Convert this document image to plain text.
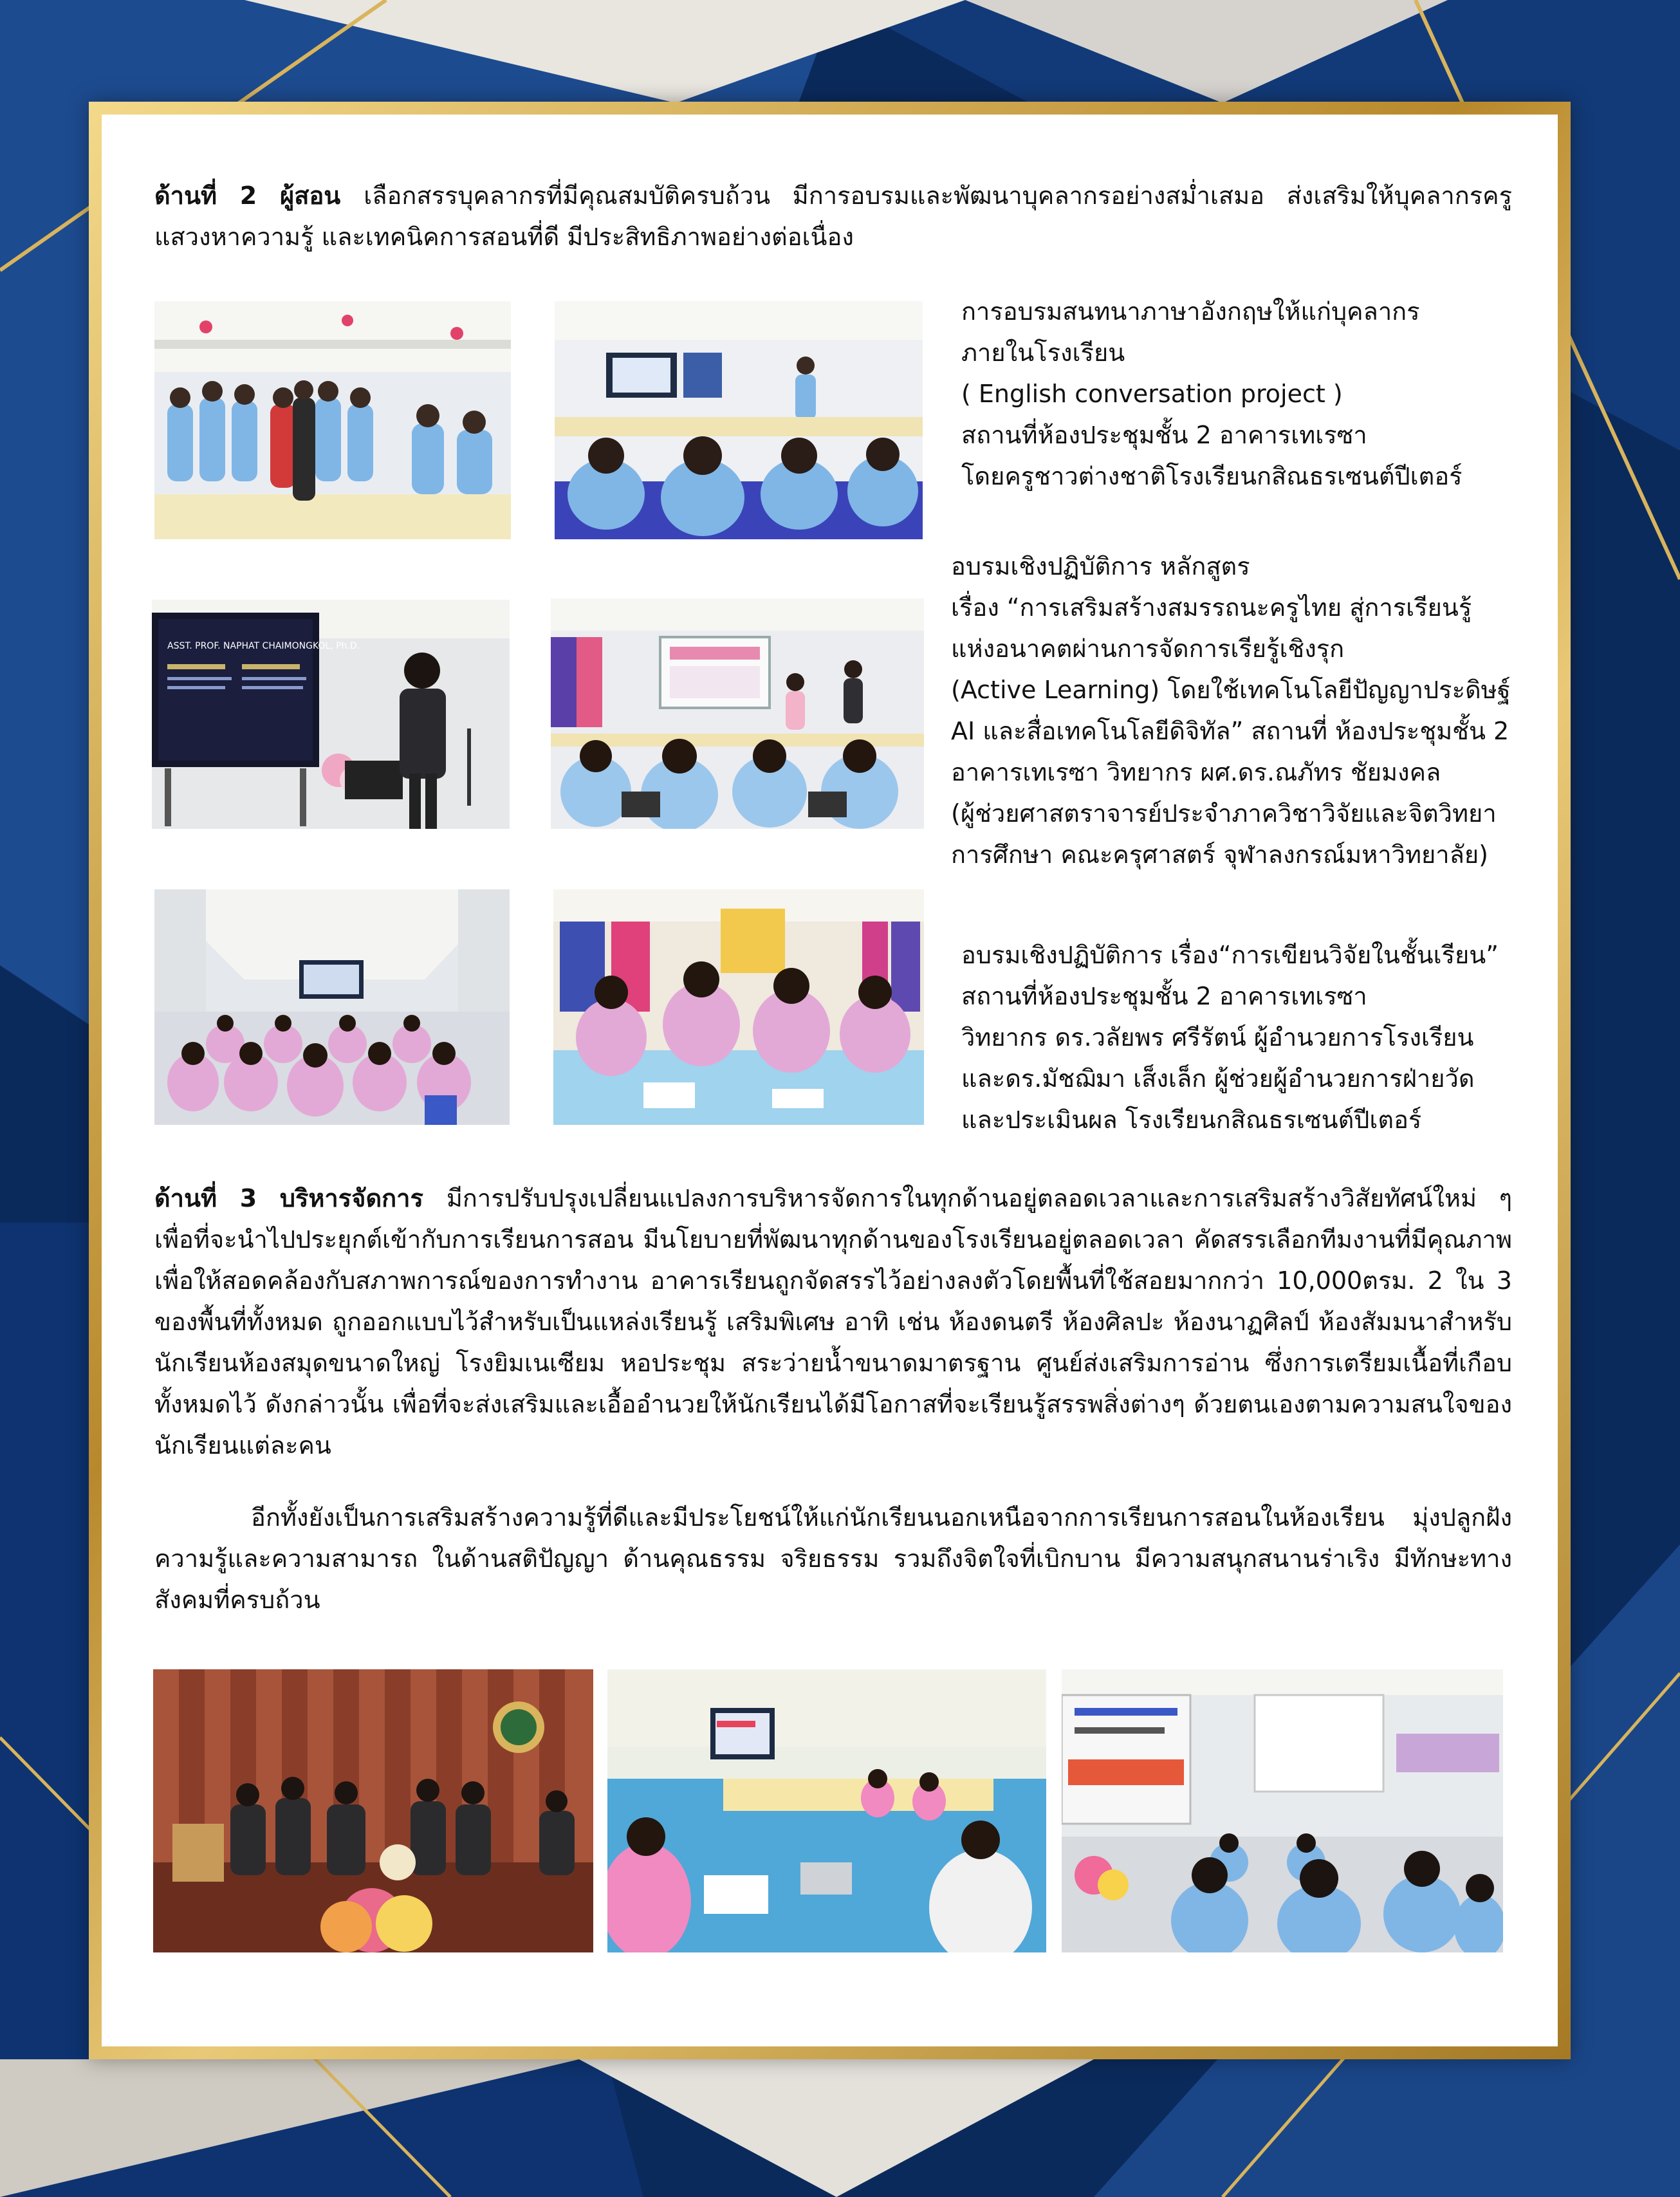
ด้านที่ 2 ผู้สอน เลือกสรรบุคลากรที่มีคุณสมบัติครบถ้วน มีการอบรมและพัฒนาบุคลากรอย่างสม่ำเสมอ ส่งเสริมให้บุคลากรครูแสวงหาความรู้ และเทคนิคการสอนที่ดี มีประสิทธิภาพอย่างต่อเนื่อง
การอบรมสนทนาภาษาอังกฤษให้แก่บุคลากร
ภายในโรงเรียน
( English conversation project )
สถานที่ห้องประชุมชั้น 2 อาคารเทเรซา
โดยครูชาวต่างชาติโรงเรียนกสิณธรเซนต์ปีเตอร์
ASST. PROF. NAPHAT CHAIMONGKOL, Ph.D.
อบรมเชิงปฏิบัติการ หลักสูตร
เรื่อง “การเสริมสร้างสมรรถนะครูไทย สู่การเรียนรู้
แห่งอนาคตผ่านการจัดการเรียรู้เชิงรุก
(Active Learning) โดยใช้เทคโนโลยีปัญญาประดิษฐ์
AI และสื่อเทคโนโลยีดิจิทัล” สถานที่ ห้องประชุมชั้น 2
อาคารเทเรซา วิทยากร ผศ.ดร.ณภัทร ชัยมงคล
(ผู้ช่วยศาสตราจารย์ประจำภาควิชาวิจัยและจิตวิทยา
การศึกษา คณะครุศาสตร์ จุฬาลงกรณ์มหาวิทยาลัย)
อบรมเชิงปฏิบัติการ เรื่อง“การเขียนวิจัยในชั้นเรียน”
สถานที่ห้องประชุมชั้น 2 อาคารเทเรซา
วิทยากร ดร.วลัยพร ศรีรัตน์ ผู้อำนวยการโรงเรียน
และดร.มัชฌิมา เส็งเล็ก ผู้ช่วยผู้อำนวยการฝ่ายวัด
และประเมินผล โรงเรียนกสิณธรเซนต์ปีเตอร์
ด้านที่ 3 บริหารจัดการ มีการปรับปรุงเปลี่ยนแปลงการบริหารจัดการในทุกด้านอยู่ตลอดเวลาและการเสริมสร้างวิสัยทัศน์ใหม่ ๆ เพื่อที่จะนำไปประยุกต์เข้ากับการเรียนการสอน มีนโยบายที่พัฒนาทุกด้านของโรงเรียนอยู่ตลอดเวลา คัดสรรเลือกทีมงานที่มีคุณภาพเพื่อให้สอดคล้องกับสภาพการณ์ของการทำงาน อาคารเรียนถูกจัดสรรไว้อย่างลงตัวโดยพื้นที่ใช้สอยมากกว่า 10,000ตรม. 2 ใน 3 ของพื้นที่ทั้งหมด ถูกออกแบบไว้สำหรับเป็นแหล่งเรียนรู้ เสริมพิเศษ อาทิ เช่น ห้องดนตรี ห้องศิลปะ ห้องนาฏศิลป์ ห้องสัมมนาสำหรับนักเรียนห้องสมุดขนาดใหญ่ โรงยิมเนเซียม หอประชุม สระว่ายน้ำขนาดมาตรฐาน ศูนย์ส่งเสริมการอ่าน ซึ่งการเตรียมเนื้อที่เกือบทั้งหมดไว้ ดังกล่าวนั้น เพื่อที่จะส่งเสริมและเอื้ออำนวยให้นักเรียนได้มีโอกาสที่จะเรียนรู้สรรพสิ่งต่างๆ ด้วยตนเองตามความสนใจของนักเรียนแต่ละคน
อีกทั้งยังเป็นการเสริมสร้างความรู้ที่ดีและมีประโยชน์ให้แก่นักเรียนนอกเหนือจากการเรียนการสอนในห้องเรียน มุ่งปลูกฝังความรู้และความสามารถ ในด้านสติปัญญา ด้านคุณธรรม จริยธรรม รวมถึงจิตใจที่เบิกบาน มีความสนุกสนานร่าเริง มีทักษะทางสังคมที่ครบถ้วน
